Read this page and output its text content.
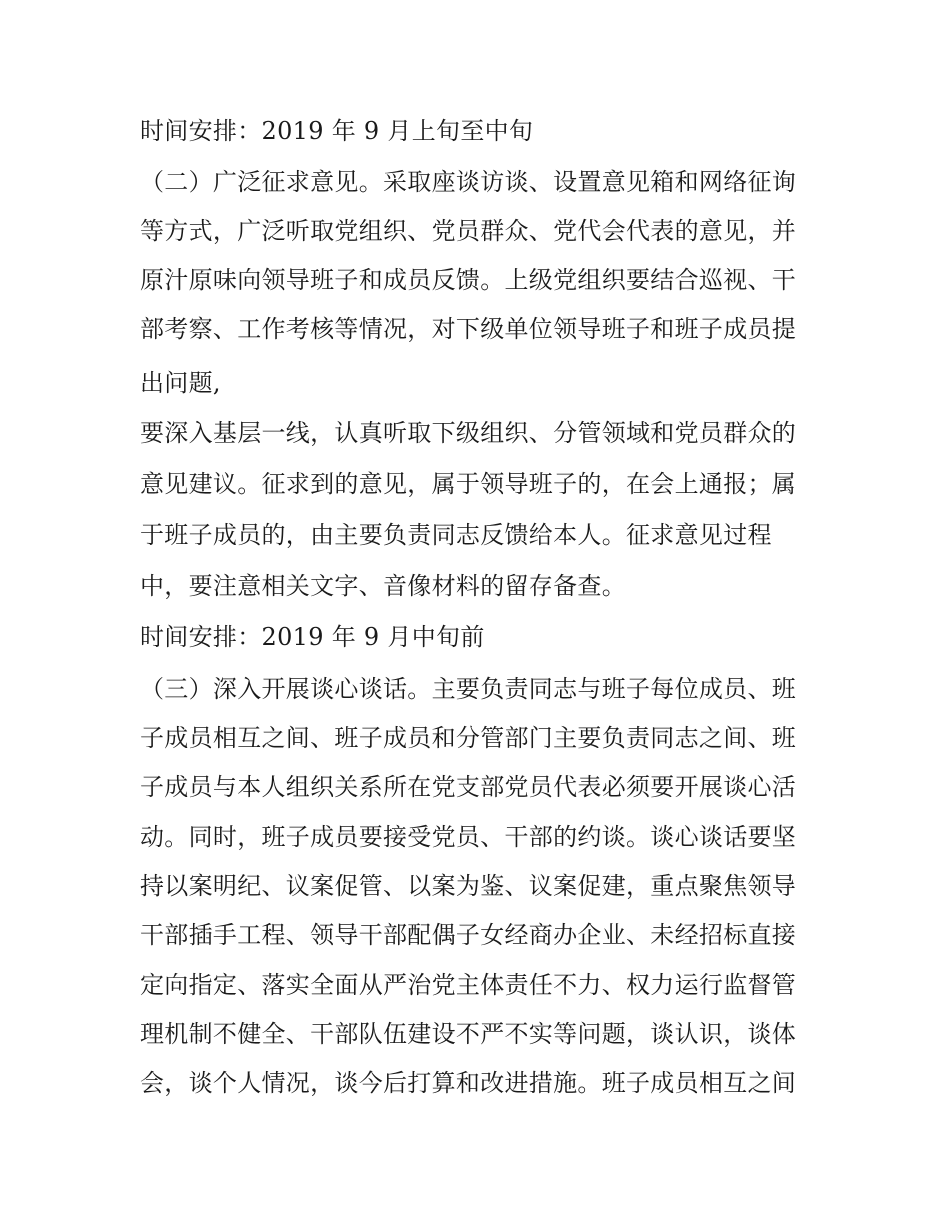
时间安排：2019 年 9 月上旬至中旬

（二）广泛征求意见。采取座谈访谈、设置意见箱和网络征询

等方式，广泛听取党组织、党员群众、党代会代表的意见，并

原汁原味向领导班子和成员反馈。上级党组织要结合巡视、干

部考察、工作考核等情况，对下级单位领导班子和班子成员提

出问题,

要深入基层一线，认真听取下级组织、分管领域和党员群众的

意见建议。征求到的意见，属于领导班子的，在会上通报；属

于班子成员的，由主要负责同志反馈给本人。征求意见过程

中，要注意相关文字、音像材料的留存备查。

时间安排：2019 年 9 月中旬前

（三）深入开展谈心谈话。主要负责同志与班子每位成员、班

子成员相互之间、班子成员和分管部门主要负责同志之间、班

子成员与本人组织关系所在党支部党员代表必须要开展谈心活

动。同时，班子成员要接受党员、干部的约谈。谈心谈话要坚

持以案明纪、议案促管、以案为鉴、议案促建，重点聚焦领导

干部插手工程、领导干部配偶子女经商办企业、未经招标直接

定向指定、落实全面从严治党主体责任不力、权力运行监督管

理机制不健全、干部队伍建设不严不实等问题，谈认识，谈体

会，谈个人情况，谈今后打算和改进措施。班子成员相互之间
